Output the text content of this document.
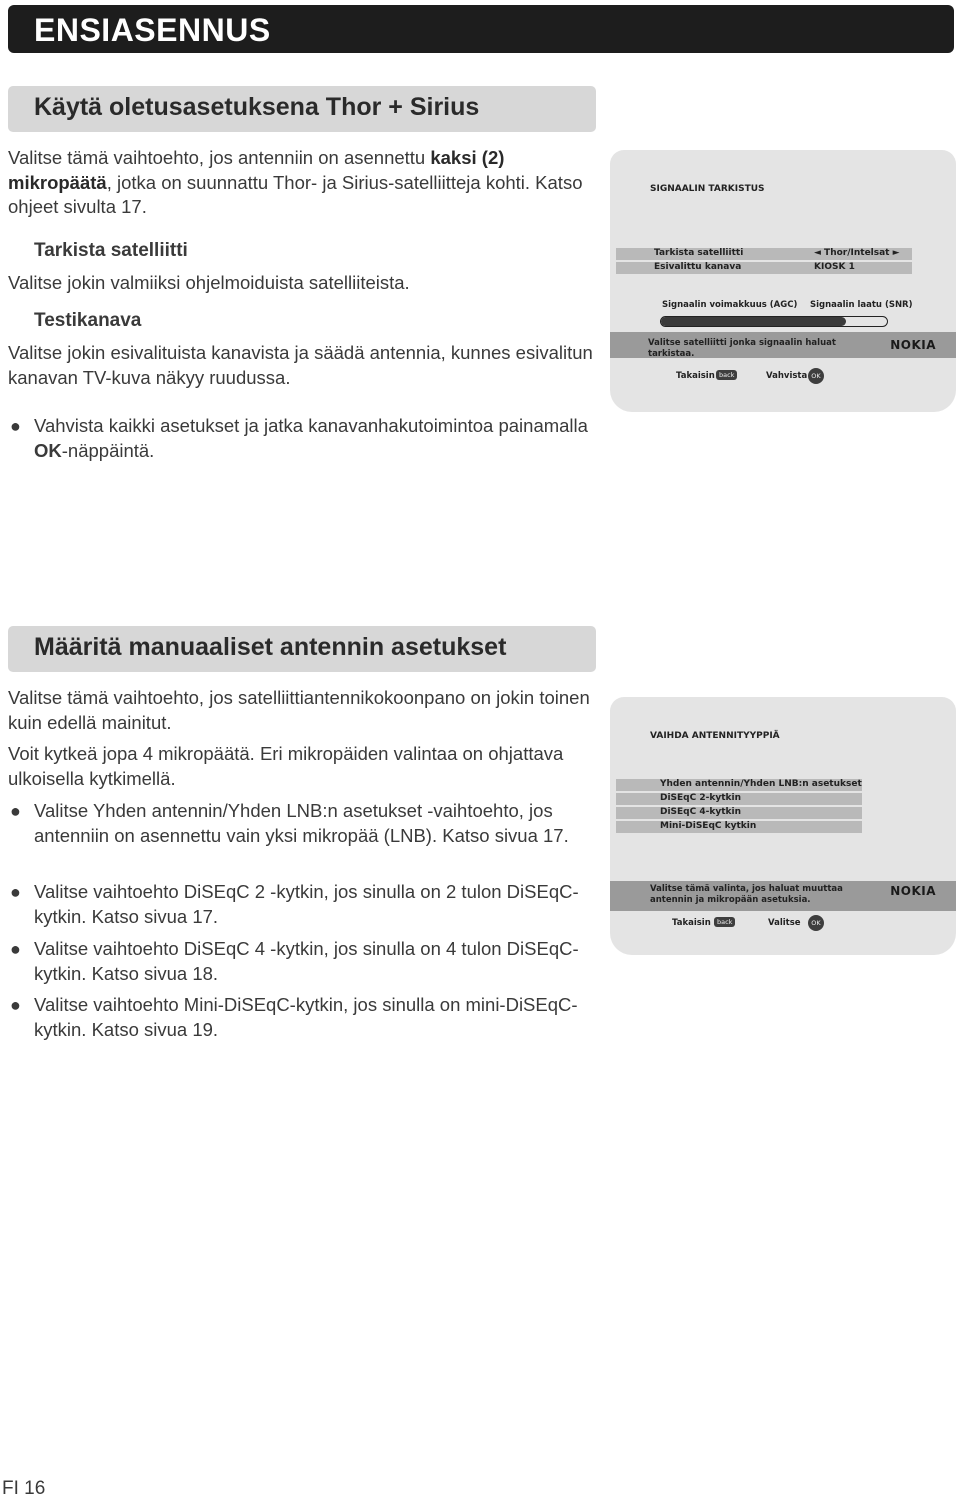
ENSIASENNUS
Käytä oletusasetuksena Thor + Sirius
Valitse tämä vaihtoehto, jos antenniin on asennettu kaksi (2) mikropäätä, jotka on suunnattu Thor- ja Sirius-satelliitteja kohti. Katso ohjeet sivulta 17.
Tarkista satelliitti
Valitse jokin valmiiksi ohjelmoiduista satelliiteista.
Testikanava
Valitse jokin esivalituista kanavista ja säädä antennia, kunnes esivalitun kanavan TV-kuva näkyy ruudussa.
● Vahvista kaikki asetukset ja jatka kanavanhakutoimintoa painamalla OK-näppäintä.
SIGNAALIN TARKISTUS
Tarkista satelliitti	◄ Thor/Intelsat ►
Esivalittu kanava	KIOSK 1
Signaalin voimakkuus (AGC) Signaalin laatu (SNR)
Valitse satelliitti jonka signaalin haluat tarkistaa.
NOKIA
Takaisin back	Vahvista OK
Määritä manuaaliset antennin asetukset
Valitse tämä vaihtoehto, jos satelliittiantennikokoonpano on jokin toinen kuin edellä mainitut.
Voit kytkeä jopa 4 mikropäätä. Eri mikropäiden valintaa on ohjattava ulkoisella kytkimellä.
● Valitse Yhden antennin/Yhden LNB:n asetukset -vaihtoehto, jos antenniin on asennettu vain yksi mikropää (LNB). Katso sivua 17.
● Valitse vaihtoehto DiSEqC 2 -kytkin, jos sinulla on 2 tulon DiSEqC-kytkin. Katso sivua 17.
● Valitse vaihtoehto DiSEqC 4 -kytkin, jos sinulla on 4 tulon DiSEqC-kytkin. Katso sivua 18.
● Valitse vaihtoehto Mini-DiSEqC-kytkin, jos sinulla on mini-DiSEqC-kytkin. Katso sivua 19.
VAIHDA ANTENNITYYPPIÄ
Yhden antennin/Yhden LNB:n asetukset
DiSEqC 2-kytkin
DiSEqC 4-kytkin
Mini-DiSEqC kytkin
Valitse tämä valinta, jos haluat muuttaa antennin ja mikropään asetuksia.
NOKIA
Takaisin back	Valitse	OK
FI 16
